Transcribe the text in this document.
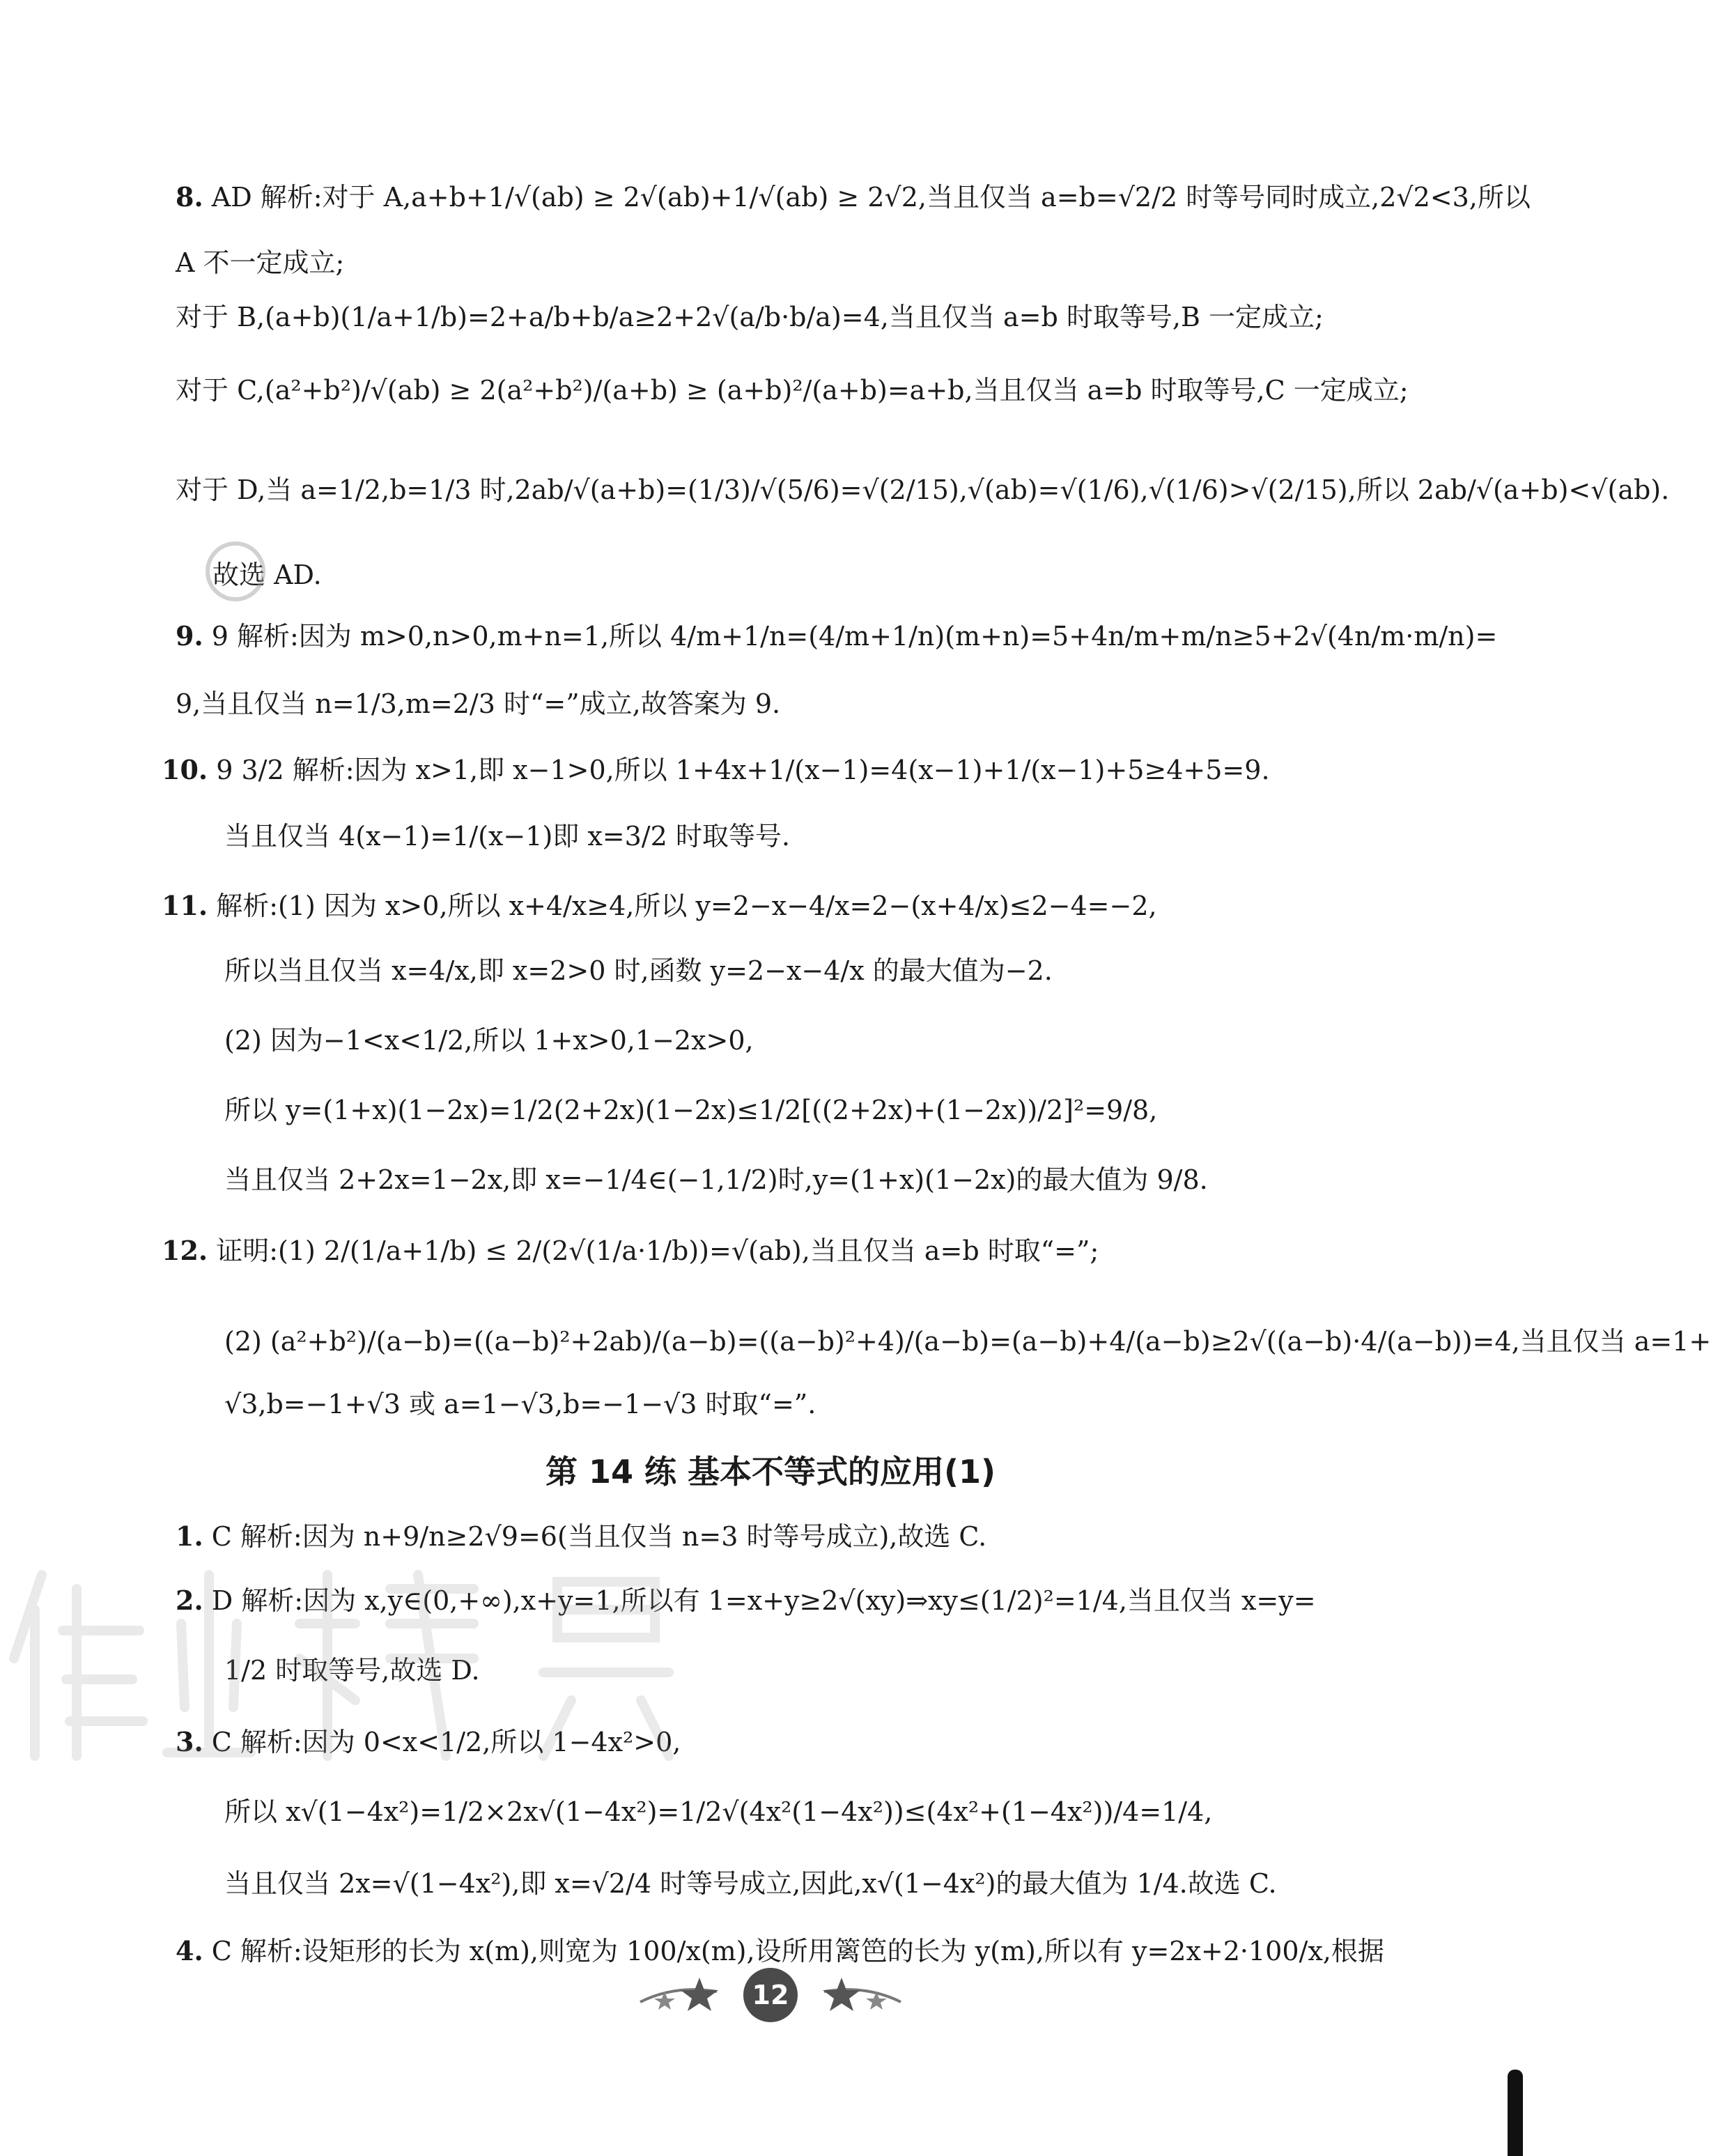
8. AD 解析:对于 A,a+b+1/√(ab) ≥ 2√(ab)+1/√(ab) ≥ 2√2,当且仅当 a=b=√2/2 时等号同时成立,2√2<3,所以
A 不一定成立;
对于 B,(a+b)(1/a+1/b)=2+a/b+b/a≥2+2√(a/b·b/a)=4,当且仅当 a=b 时取等号,B 一定成立;
对于 C,(a²+b²)/√(ab) ≥ 2(a²+b²)/(a+b) ≥ (a+b)²/(a+b)=a+b,当且仅当 a=b 时取等号,C 一定成立;
对于 D,当 a=1/2,b=1/3 时,2ab/√(a+b)=(1/3)/√(5/6)=√(2/15),√(ab)=√(1/6),√(1/6)>√(2/15),所以 2ab/√(a+b)<√(ab).
故选 AD.
9. 9 解析:因为 m>0,n>0,m+n=1,所以 4/m+1/n=(4/m+1/n)(m+n)=5+4n/m+m/n≥5+2√(4n/m·m/n)=
9,当且仅当 n=1/3,m=2/3 时“=”成立,故答案为 9.
10. 9 3/2 解析:因为 x>1,即 x−1>0,所以 1+4x+1/(x−1)=4(x−1)+1/(x−1)+5≥4+5=9.
当且仅当 4(x−1)=1/(x−1)即 x=3/2 时取等号.
11. 解析:(1) 因为 x>0,所以 x+4/x≥4,所以 y=2−x−4/x=2−(x+4/x)≤2−4=−2,
所以当且仅当 x=4/x,即 x=2>0 时,函数 y=2−x−4/x 的最大值为−2.
(2) 因为−1<x<1/2,所以 1+x>0,1−2x>0,
所以 y=(1+x)(1−2x)=1/2(2+2x)(1−2x)≤1/2[((2+2x)+(1−2x))/2]²=9/8,
当且仅当 2+2x=1−2x,即 x=−1/4∈(−1,1/2)时,y=(1+x)(1−2x)的最大值为 9/8.
12. 证明:(1) 2/(1/a+1/b) ≤ 2/(2√(1/a·1/b))=√(ab),当且仅当 a=b 时取“=”;
(2) (a²+b²)/(a−b)=((a−b)²+2ab)/(a−b)=((a−b)²+4)/(a−b)=(a−b)+4/(a−b)≥2√((a−b)·4/(a−b))=4,当且仅当 a=1+
√3,b=−1+√3 或 a=1−√3,b=−1−√3 时取“=”.
第 14 练 基本不等式的应用(1)
1. C 解析:因为 n+9/n≥2√9=6(当且仅当 n=3 时等号成立),故选 C.
2. D 解析:因为 x,y∈(0,+∞),x+y=1,所以有 1=x+y≥2√(xy)⇒xy≤(1/2)²=1/4,当且仅当 x=y=
1/2 时取等号,故选 D.
3. C 解析:因为 0<x<1/2,所以 1−4x²>0,
所以 x√(1−4x²)=1/2×2x√(1−4x²)=1/2√(4x²(1−4x²))≤(4x²+(1−4x²))/4=1/4,
当且仅当 2x=√(1−4x²),即 x=√2/4 时等号成立,因此,x√(1−4x²)的最大值为 1/4.故选 C.
4. C 解析:设矩形的长为 x(m),则宽为 100/x(m),设所用篱笆的长为 y(m),所以有 y=2x+2·100/x,根据
12
